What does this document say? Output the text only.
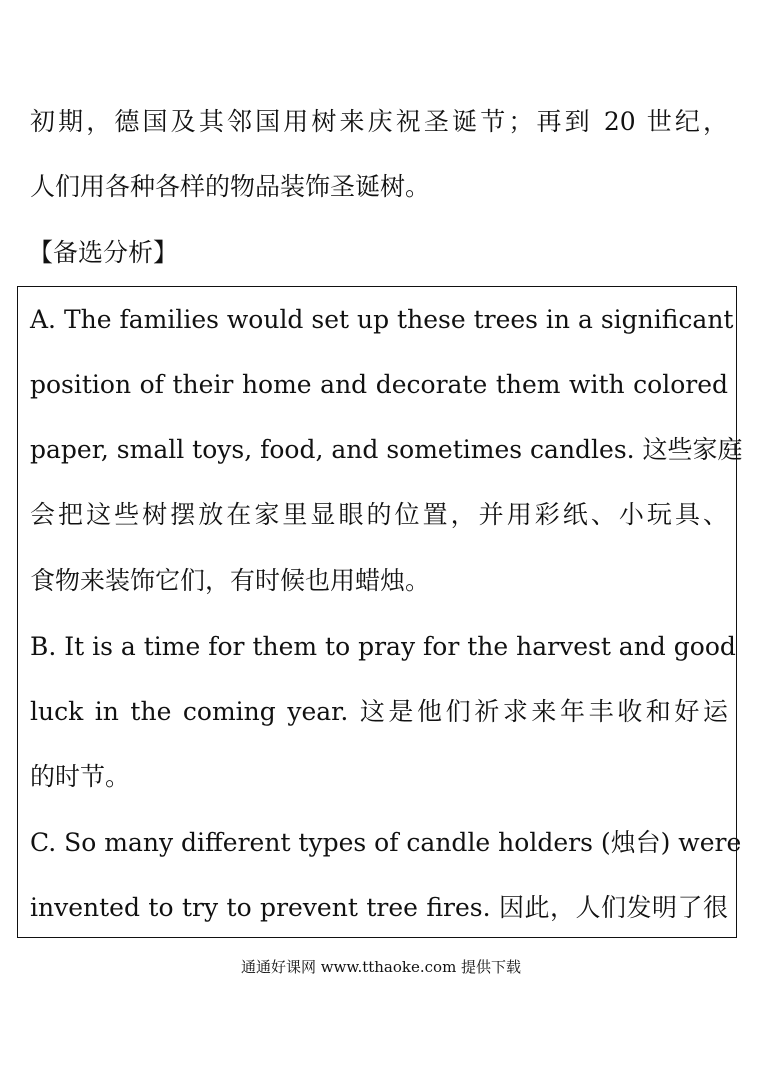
初期，德国及其邻国用树来庆祝圣诞节；再到 20 世纪，
人们用各种各样的物品装饰圣诞树。
【备选分析】
A. The families would set up these trees in a significant
position of their home and decorate them with colored
paper, small toys, food, and sometimes candles. 这些家庭
会把这些树摆放在家里显眼的位置，并用彩纸、小玩具、
食物来装饰它们，有时候也用蜡烛。
B. It is a time for them to pray for the harvest and good
luck in the coming year. 这是他们祈求来年丰收和好运
的时节。
C. So many different types of candle holders (烛台) were
invented to try to prevent tree fires. 因此，人们发明了很
通通好课网 www.tthaoke.com 提供下载
